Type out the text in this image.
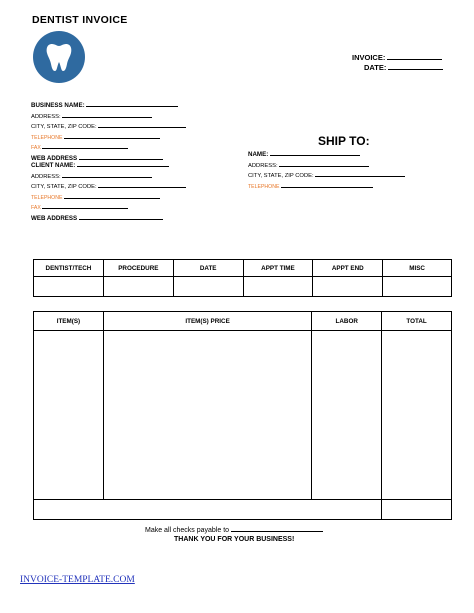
DENTIST INVOICE
INVOICE:
DATE:
BUSINESS NAME:
ADDRESS:
CITY, STATE, ZIP CODE:
TELEPHONE
FAX
WEB ADDRESS
CLIENT NAME:
ADDRESS:
CITY, STATE, ZIP CODE:
TELEPHONE
FAX
WEB ADDRESS
SHIP TO:
NAME:
ADDRESS:
CITY, STATE, ZIP CODE:
TELEPHONE
DENTIST/TECH	PROCEDURE	DATE	APPT TIME	APPT END	MISC

ITEM(S)	ITEM(S) PRICE	LABOR	TOTAL

Make all checks payable to
THANK YOU FOR YOUR BUSINESS!
INVOICE-TEMPLATE.COM
